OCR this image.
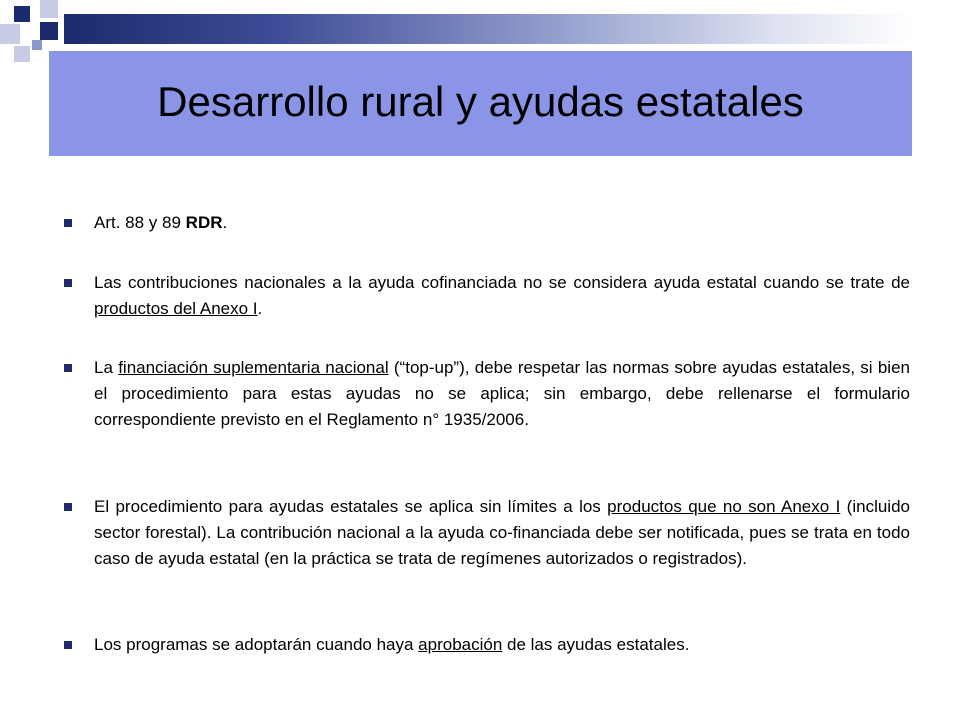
Desarrollo rural y ayudas estatales
Art. 88 y 89 RDR.
Las contribuciones nacionales a la ayuda cofinanciada no se considera ayuda estatal cuando se trate de productos del Anexo I.
La financiación suplementaria nacional (“top-up”), debe respetar las normas sobre ayudas estatales, si bien el procedimiento para estas ayudas no se aplica; sin embargo, debe rellenarse el formulario correspondiente previsto en el Reglamento n° 1935/2006.
El procedimiento para ayudas estatales se aplica sin límites a los productos que no son Anexo I (incluido sector forestal). La contribución nacional a la ayuda co-financiada debe ser notificada, pues se trata en todo caso de ayuda estatal (en la práctica se trata de regímenes autorizados o registrados).
Los programas se adoptarán cuando haya aprobación de las ayudas estatales.
